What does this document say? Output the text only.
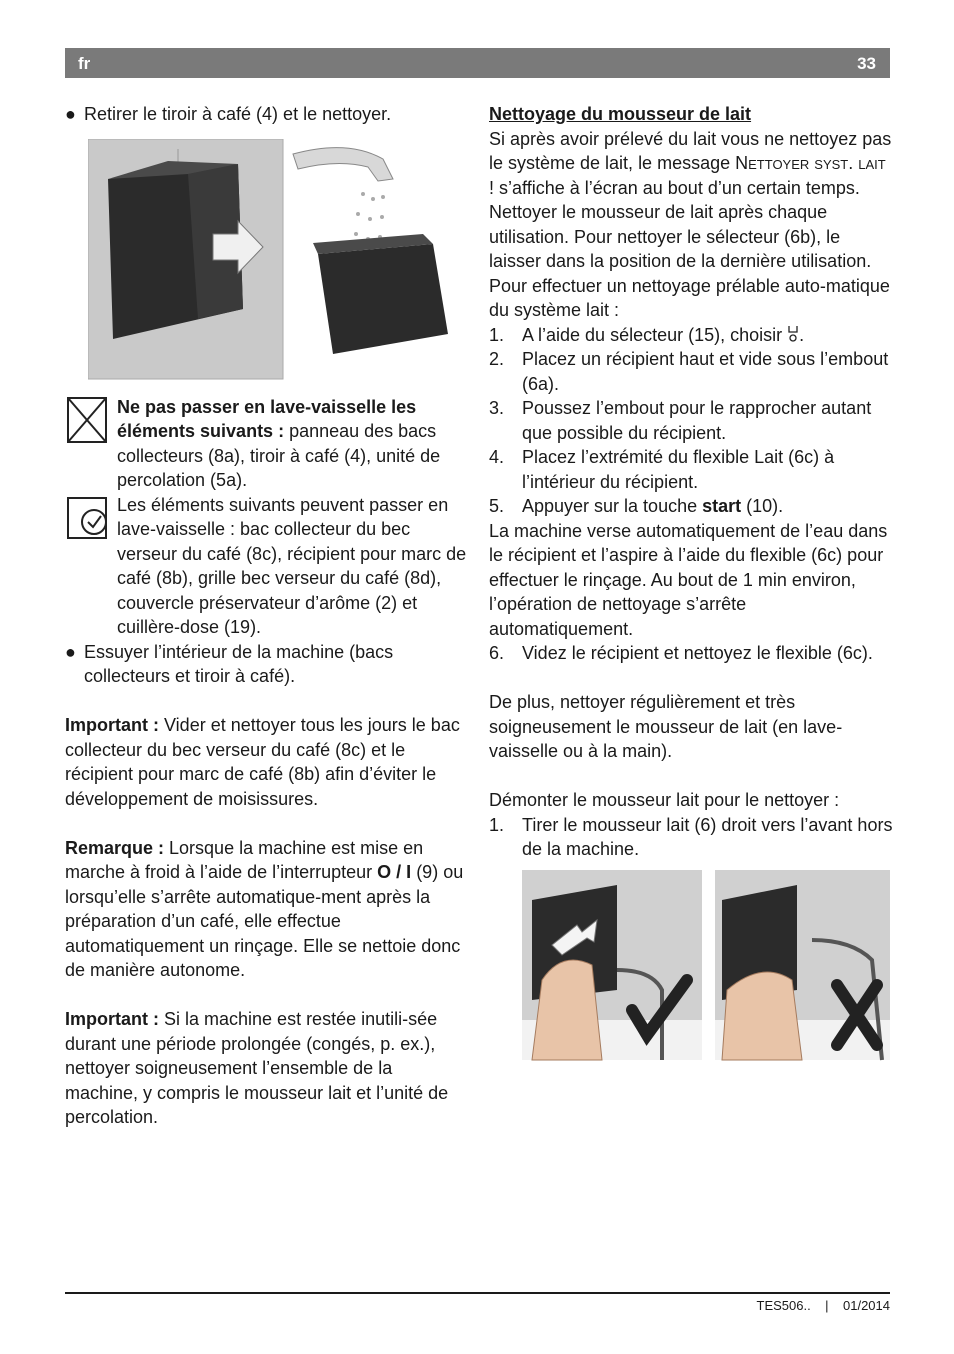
fr	33
● Retirer le tiroir à café (4) et le nettoyer.

Ne pas passer en lave-vaisselle les éléments suivants : panneau des bacs collecteurs (8a), tiroir à café (4), unité de percolation (5a).

Les éléments suivants peuvent passer en lave-vaisselle : bac collecteur du bec verseur du café (8c), récipient pour marc de café (8b), grille bec verseur du café (8d), couvercle préservateur d’arôme (2) et cuillère-dose (19).

● Essuyer l’intérieur de la machine (bacs collecteurs et tiroir à café).

Important : Vider et nettoyer tous les jours le bac collecteur du bec verseur du café (8c) et le récipient pour marc de café (8b) afin d’éviter le développement de moisissures.

Remarque : Lorsque la machine est mise en marche à froid à l’aide de l’interrupteur O / I (9) ou lorsqu’elle s’arrête automatique-ment après la préparation d’un café, elle effectue automatiquement un rinçage. Elle se nettoie donc de manière autonome.

Important : Si la machine est restée inutili-sée durant une période prolongée (congés, p. ex.), nettoyer soigneusement l’ensemble de la machine, y compris le mousseur lait et l’unité de percolation.

Nettoyage du mousseur de lait

Si après avoir prélevé du lait vous ne nettoyez pas le système de lait, le message Nettoyer syst. lait ! s’affiche à l’écran au bout d’un certain temps.

Nettoyer le mousseur de lait après chaque utilisation. Pour nettoyer le sélecteur (6b), le laisser dans la position de la dernière utilisation.

Pour effectuer un nettoyage prélable auto-matique du système lait :

1. A l’aide du sélecteur (15), choisir .
2. Placez un récipient haut et vide sous l’embout (6a).
3. Poussez l’embout pour le rapprocher autant que possible du récipient.
4. Placez l’extrémité du flexible Lait (6c) à l’intérieur du récipient.
5. Appuyer sur la touche start (10).

La machine verse automatiquement de l’eau dans le récipient et l’aspire à l’aide du flexible (6c) pour effectuer le rinçage. Au bout de 1 min environ, l’opération de nettoyage s’arrête automatiquement.

6. Videz le récipient et nettoyez le flexible (6c).

De plus, nettoyer régulièrement et très soigneusement le mousseur de lait (en lave-vaisselle ou à la main).

Démonter le mousseur lait pour le nettoyer :

1. Tirer le mousseur lait (6) droit vers l’avant hors de la machine.
TES506.. | 01/2014
